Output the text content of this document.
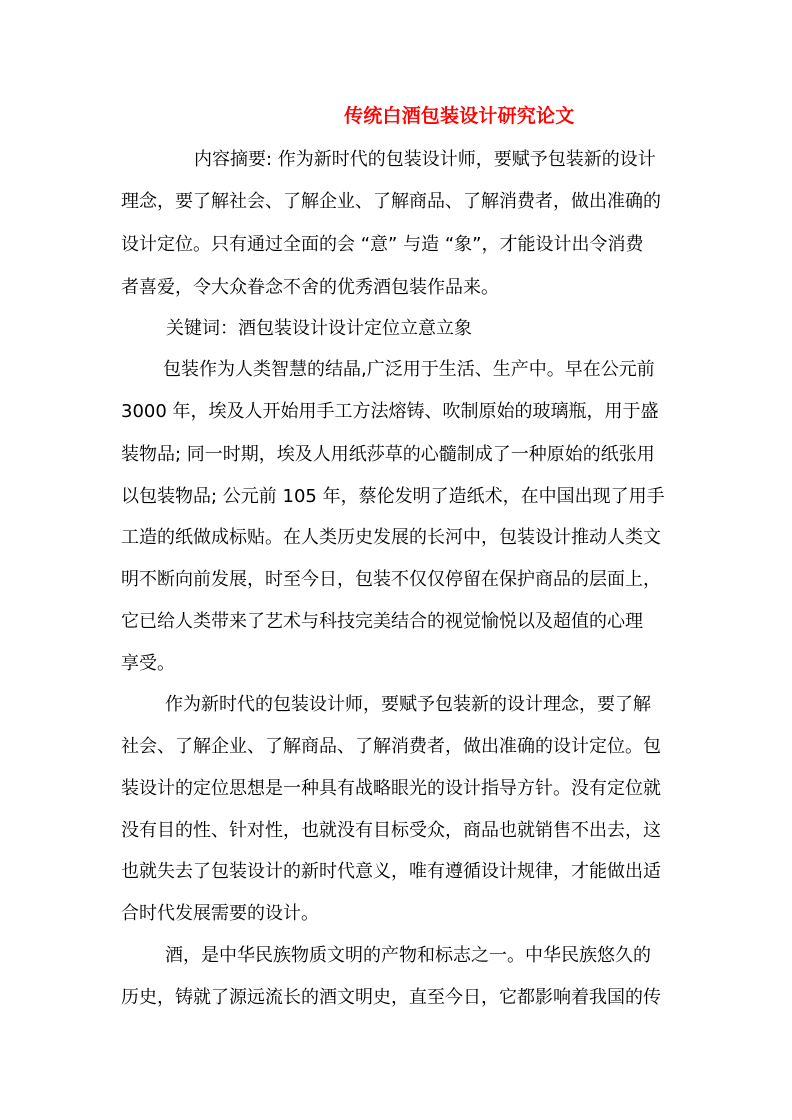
传统白酒包装设计研究论文
内容摘要: 作为新时代的包装设计师，要赋予包装新的设计
理念，要了解社会、了解企业、了解商品、了解消费者，做出准确的
设计定位。只有通过全面的会 “意” 与造 “象”，才能设计出令消费
者喜爱，令大众眷念不舍的优秀酒包装作品来。
关键词：酒包装设计设计定位立意立象
包装作为人类智慧的结晶,广泛用于生活、生产中。早在公元前
3000 年，埃及人开始用手工方法熔铸、吹制原始的玻璃瓶，用于盛
装物品; 同一时期，埃及人用纸莎草的心髓制成了一种原始的纸张用
以包装物品; 公元前 105 年，蔡伦发明了造纸术，在中国出现了用手
工造的纸做成标贴。在人类历史发展的长河中，包装设计推动人类文
明不断向前发展，时至今日，包装不仅仅停留在保护商品的层面上，
它已给人类带来了艺术与科技完美结合的视觉愉悦以及超值的心理
享受。
作为新时代的包装设计师，要赋予包装新的设计理念，要了解
社会、了解企业、了解商品、了解消费者，做出准确的设计定位。包
装设计的定位思想是一种具有战略眼光的设计指导方针。没有定位就
没有目的性、针对性，也就没有目标受众，商品也就销售不出去，这
也就失去了包装设计的新时代意义，唯有遵循设计规律，才能做出适
合时代发展需要的设计。
酒，是中华民族物质文明的产物和标志之一。中华民族悠久的
历史，铸就了源远流长的酒文明史，直至今日，它都影响着我国的传
